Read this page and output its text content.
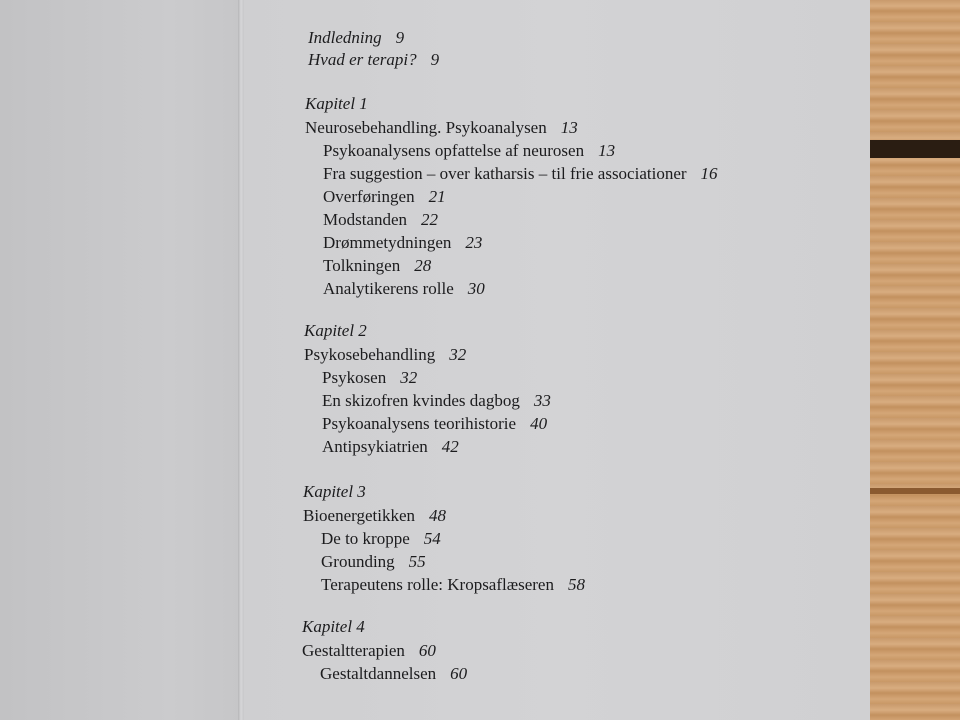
Indledning 9
Hvad er terapi? 9
Kapitel 1
Neurosebehandling. Psykoanalysen 13
Psykoanalysens opfattelse af neurosen 13
Fra suggestion – over katharsis – til frie associationer 16
Overføringen 21
Modstanden 22
Drømmetydningen 23
Tolkningen 28
Analytikerens rolle 30
Kapitel 2
Psykosebehandling 32
Psykosen 32
En skizofren kvindes dagbog 33
Psykoanalysens teorihistorie 40
Antipsykiatrien 42
Kapitel 3
Bioenergetikken 48
De to kroppe 54
Grounding 55
Terapeutens rolle: Kropsaflæseren 58
Kapitel 4
Gestaltterapien 60
Gestaltdannelsen 60
